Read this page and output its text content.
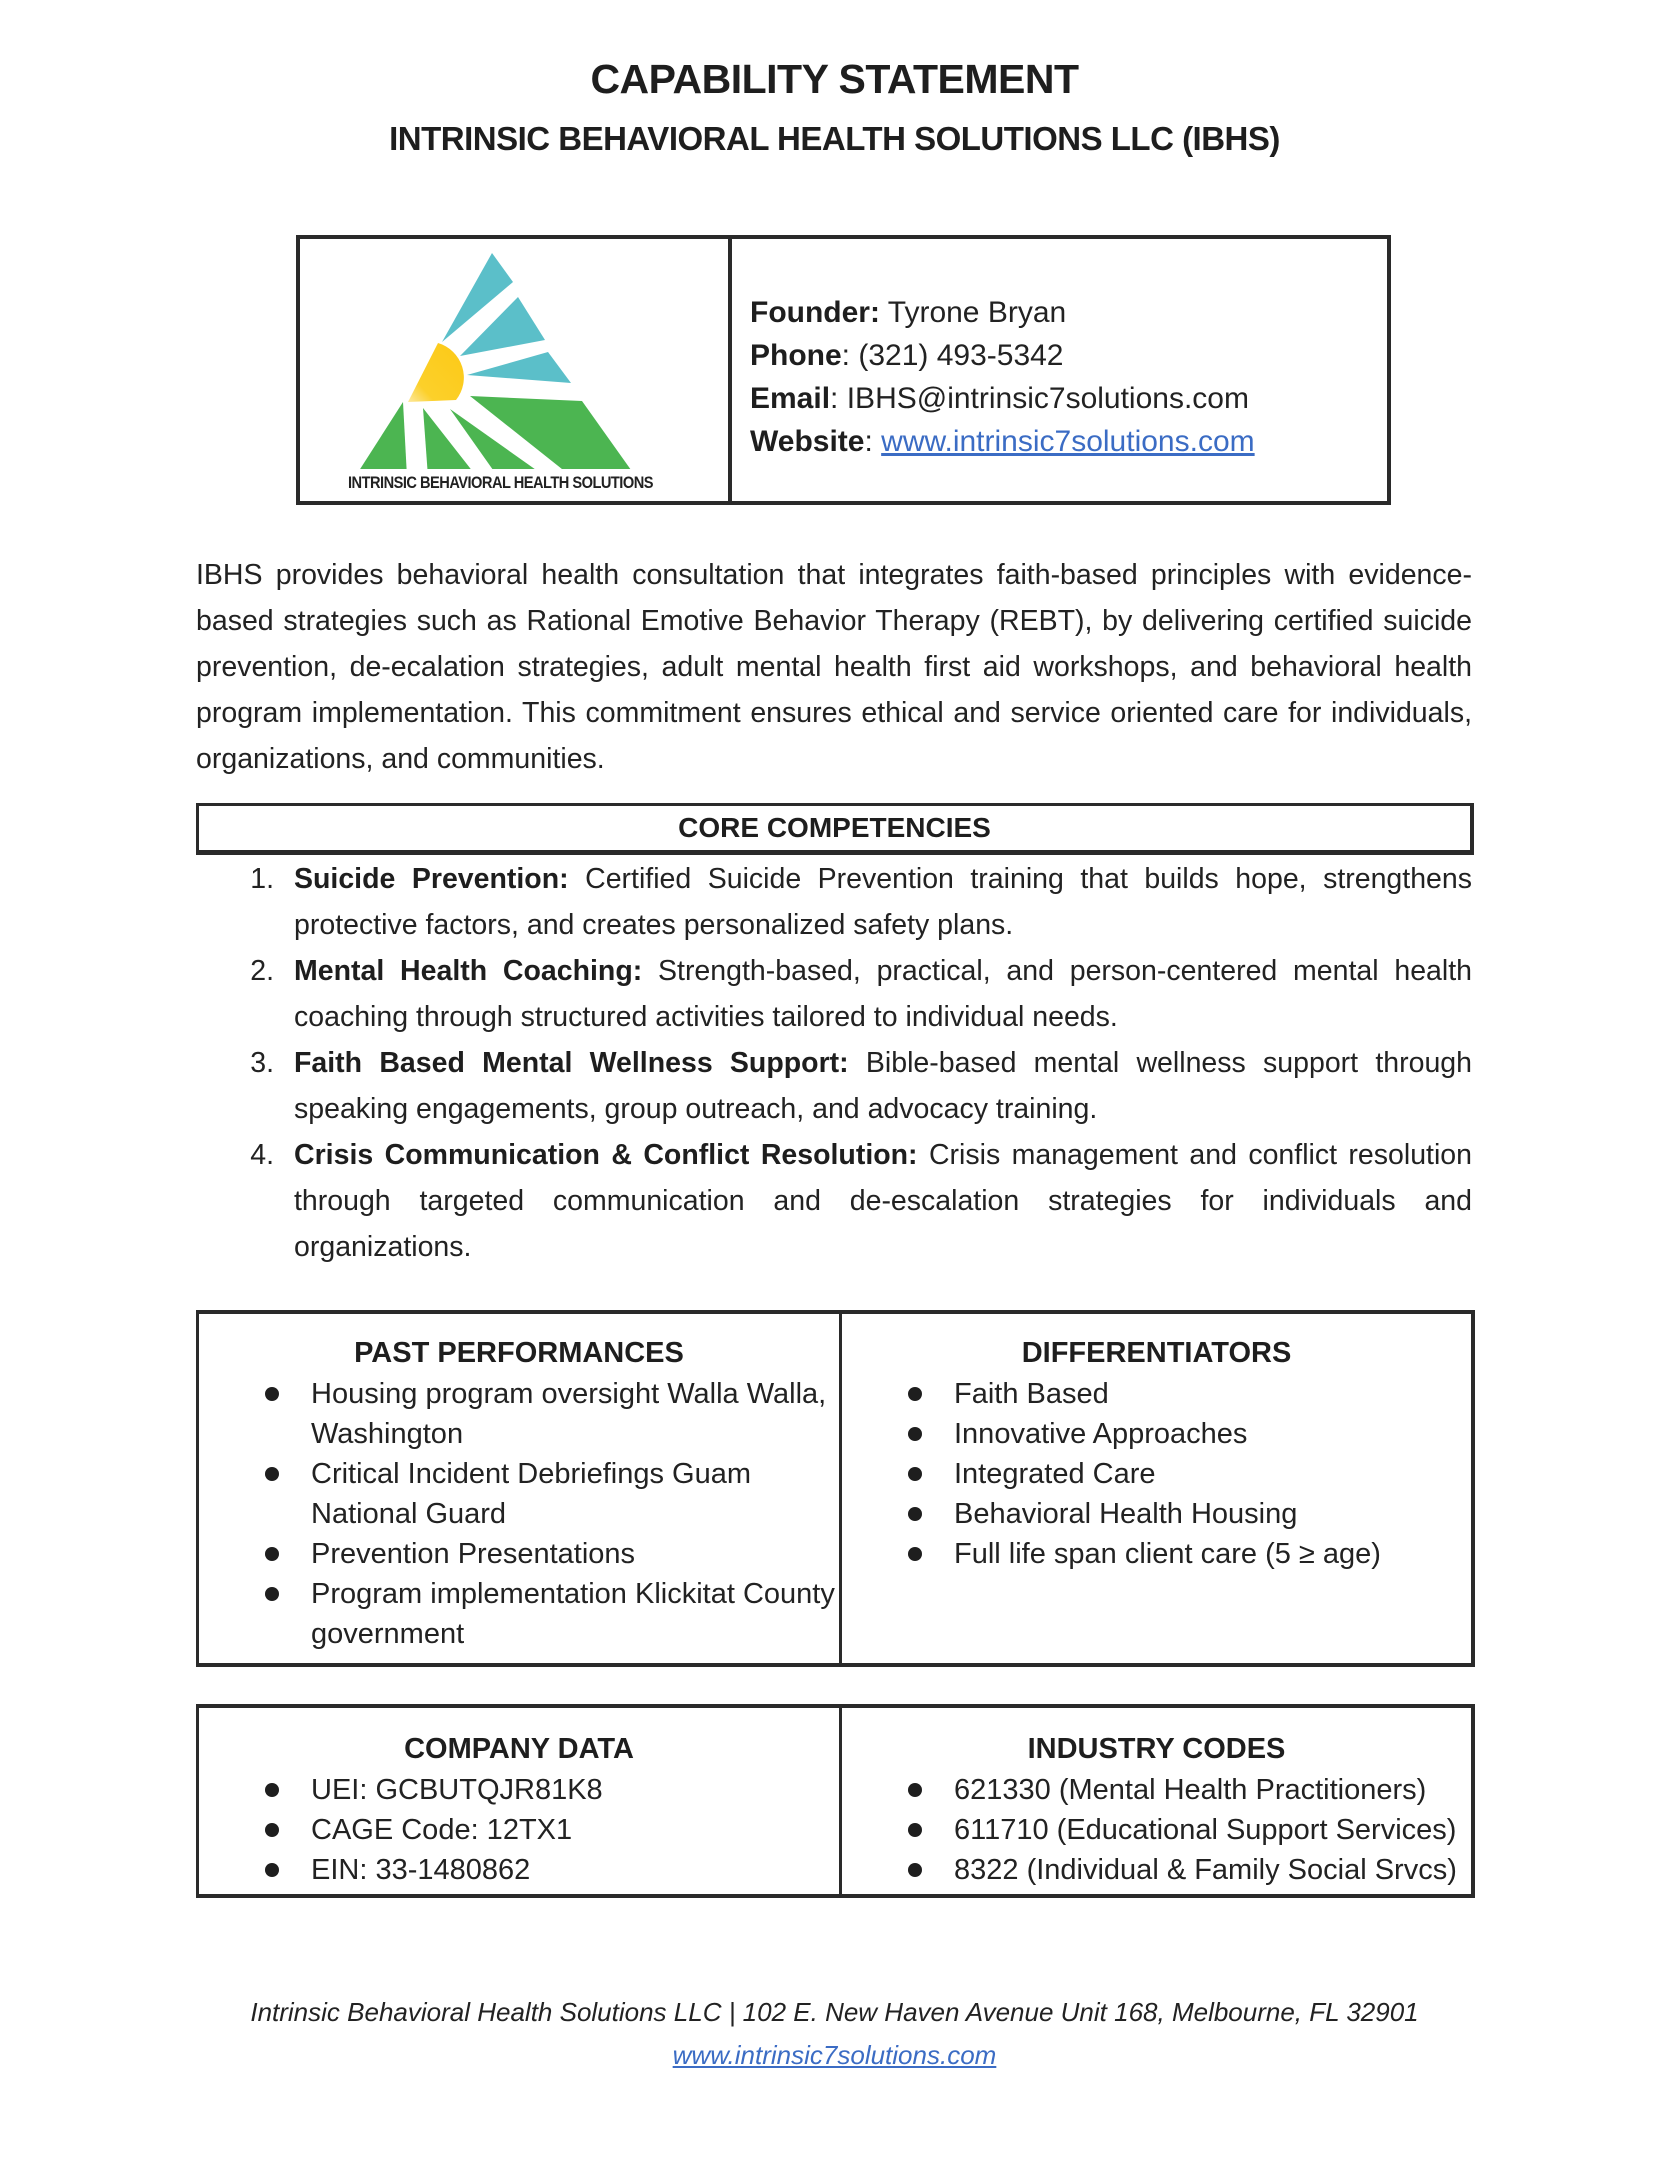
CAPABILITY STATEMENT
INTRINSIC BEHAVIORAL HEALTH SOLUTIONS LLC (IBHS)
INTRINSIC BEHAVIORAL HEALTH SOLUTIONS
Founder: Tyrone Bryan
Phone: (321) 493-5342
Email: IBHS@intrinsic7solutions.com
Website: www.intrinsic7solutions.com
IBHS provides behavioral health consultation that integrates faith-based principles with evidence-based strategies such as Rational Emotive Behavior Therapy (REBT), by delivering certified suicide prevention, de-ecalation strategies, adult mental health first aid workshops, and behavioral health program implementation. This commitment ensures ethical and service oriented care for individuals, organizations, and communities.
CORE COMPETENCIES
1. Suicide Prevention: Certified Suicide Prevention training that builds hope, strengthens protective factors, and creates personalized safety plans.
2. Mental Health Coaching: Strength-based, practical, and person-centered mental health coaching through structured activities tailored to individual needs.
3. Faith Based Mental Wellness Support: Bible-based mental wellness support through speaking engagements, group outreach, and advocacy training.
4. Crisis Communication & Conflict Resolution: Crisis management and conflict resolution through targeted communication and de-escalation strategies for individuals and organizations.
PAST PERFORMANCES
Housing program oversight Walla Walla, Washington
Critical Incident Debriefings Guam National Guard
Prevention Presentations
Program implementation Klickitat County government
DIFFERENTIATORS
Faith Based
Innovative Approaches
Integrated Care
Behavioral Health Housing
Full life span client care (5 ≥ age)
COMPANY DATA
UEI: GCBUTQJR81K8
CAGE Code: 12TX1
EIN: 33-1480862
INDUSTRY CODES
621330 (Mental Health Practitioners)
611710 (Educational Support Services)
8322 (Individual & Family Social Srvcs)
Intrinsic Behavioral Health Solutions LLC | 102 E. New Haven Avenue Unit 168, Melbourne, FL 32901
www.intrinsic7solutions.com
